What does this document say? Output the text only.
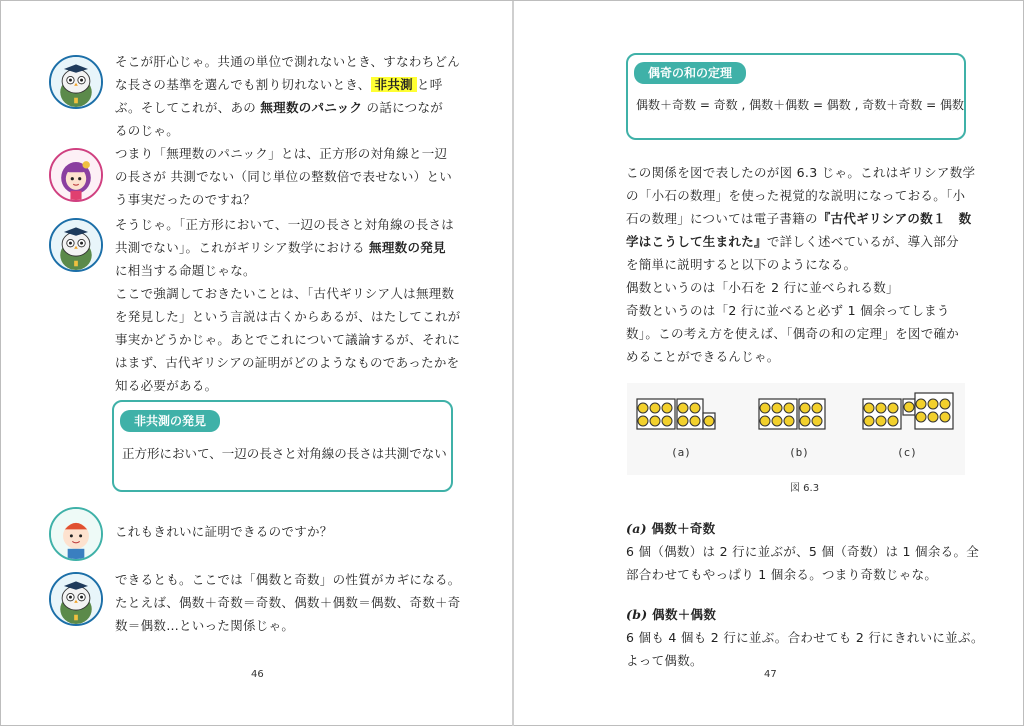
そこが肝心じゃ。共通の単位で測れないとき、すなわちどん

な長さの基準を選んでも割り切れないとき、 非共測 と呼

ぶ。そしてこれが、あの 無理数のパニック の話につなが

るのじゃ。

つまり「無理数のパニック」とは、正方形の対角線と一辺

の長さが 共測でない（同じ単位の整数倍で表せない）とい

う事実だったのですね？

そうじゃ。「正方形において、一辺の長さと対角線の長さは

共測でない」。これがギリシア数学における 無理数の発見

に相当する命題じゃな。

ここで強調しておきたいことは、「古代ギリシア人は無理数

を発見した」という言説は古くからあるが、はたしてこれが

事実かどうかじゃ。あとでこれについて議論するが、それに

はまず、古代ギリシアの証明がどのようなものであったかを

知る必要がある。

非共測の発見
正方形において、一辺の長さと対角線の長さは共測でない

これもきれいに証明できるのですか？

できるとも。ここでは「偶数と奇数」の性質がカギになる。

たとえば、偶数＋奇数＝奇数、偶数＋偶数＝偶数、奇数＋奇

数＝偶数…といった関係じゃ。

46
偶奇の和の定理
偶数＋奇数 = 奇数 , 偶数＋偶数 = 偶数 , 奇数＋奇数 = 偶数

この関係を図で表したのが図 6.3 じゃ。これはギリシア数学

の「小石の数理」を使った視覚的な説明になっておる。「小

石の数理」については電子書籍の『古代ギリシアの数１　数

学はこうして生まれた』で詳しく述べているが、導入部分

を簡単に説明すると以下のようになる。

偶数というのは「小石を 2 行に並べられる数」

奇数というのは「2 行に並べると必ず 1 個余ってしまう

数」。この考え方を使えば、「偶奇の和の定理」を図で確か

めることができるんじゃ。

(a)	(b)	(c)
図 6.3

(a) 偶数＋奇数

6 個（偶数）は 2 行に並ぶが、5 個（奇数）は 1 個余る。全

部合わせてもやっぱり 1 個余る。つまり奇数じゃな。

(b) 偶数＋偶数

6 個も 4 個も 2 行に並ぶ。合わせても 2 行にきれいに並ぶ。

よって偶数。

47
